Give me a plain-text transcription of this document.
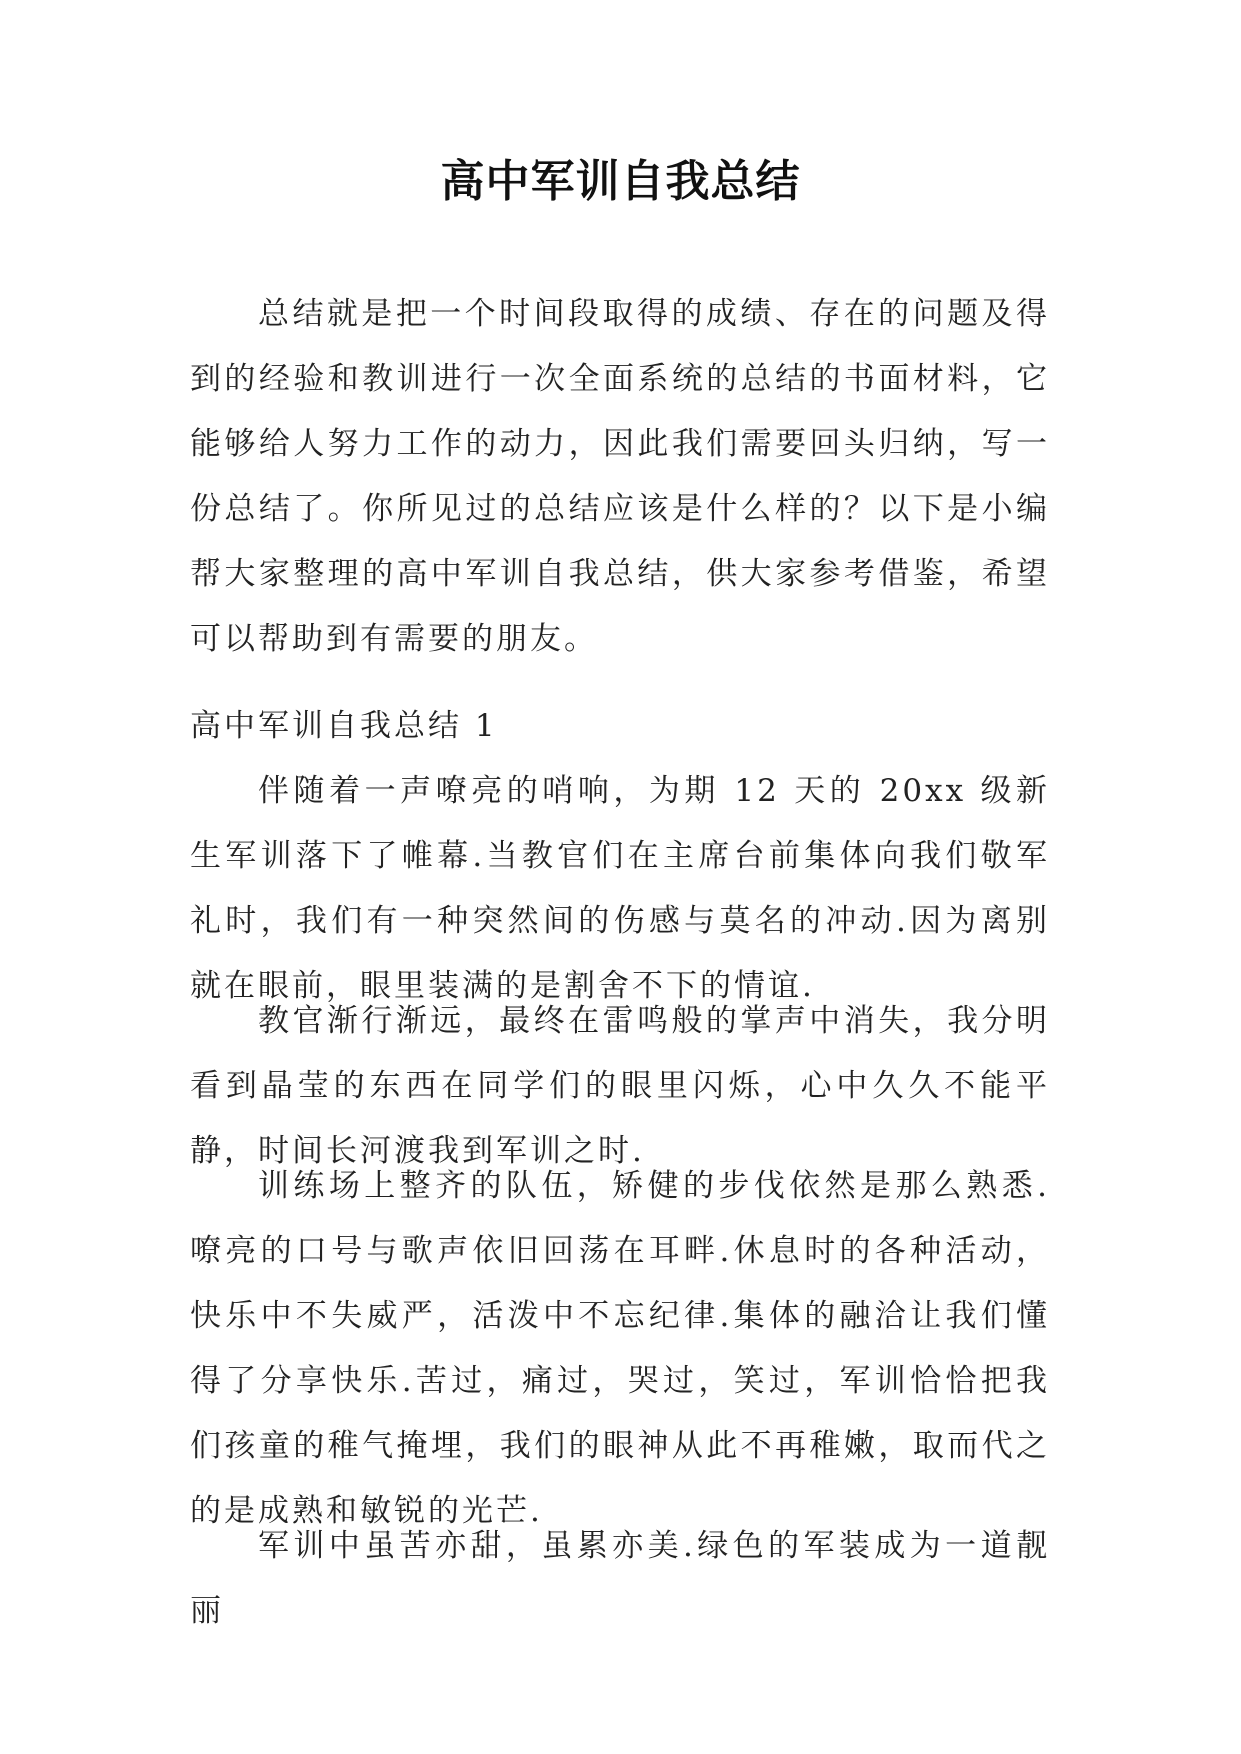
高中军训自我总结

总结就是把一个时间段取得的成绩、存在的问题及得到的经验和教训进行一次全面系统的总结的书面材料，它能够给人努力工作的动力，因此我们需要回头归纳，写一份总结了。你所见过的总结应该是什么样的？以下是小编帮大家整理的高中军训自我总结，供大家参考借鉴，希望可以帮助到有需要的朋友。

高中军训自我总结 1

伴随着一声嘹亮的哨响，为期 12 天的 20xx 级新生军训落下了帷幕.当教官们在主席台前集体向我们敬军礼时，我们有一种突然间的伤感与莫名的冲动.因为离别就在眼前，眼里装满的是割舍不下的情谊.

教官渐行渐远，最终在雷鸣般的掌声中消失，我分明看到晶莹的东西在同学们的眼里闪烁，心中久久不能平静，时间长河渡我到军训之时.

训练场上整齐的队伍，矫健的步伐依然是那么熟悉.嘹亮的口号与歌声依旧回荡在耳畔.休息时的各种活动，快乐中不失威严，活泼中不忘纪律.集体的融洽让我们懂得了分享快乐.苦过，痛过，哭过，笑过，军训恰恰把我们孩童的稚气掩埋，我们的眼神从此不再稚嫩，取而代之的是成熟和敏锐的光芒.

军训中虽苦亦甜，虽累亦美.绿色的军装成为一道靓丽
